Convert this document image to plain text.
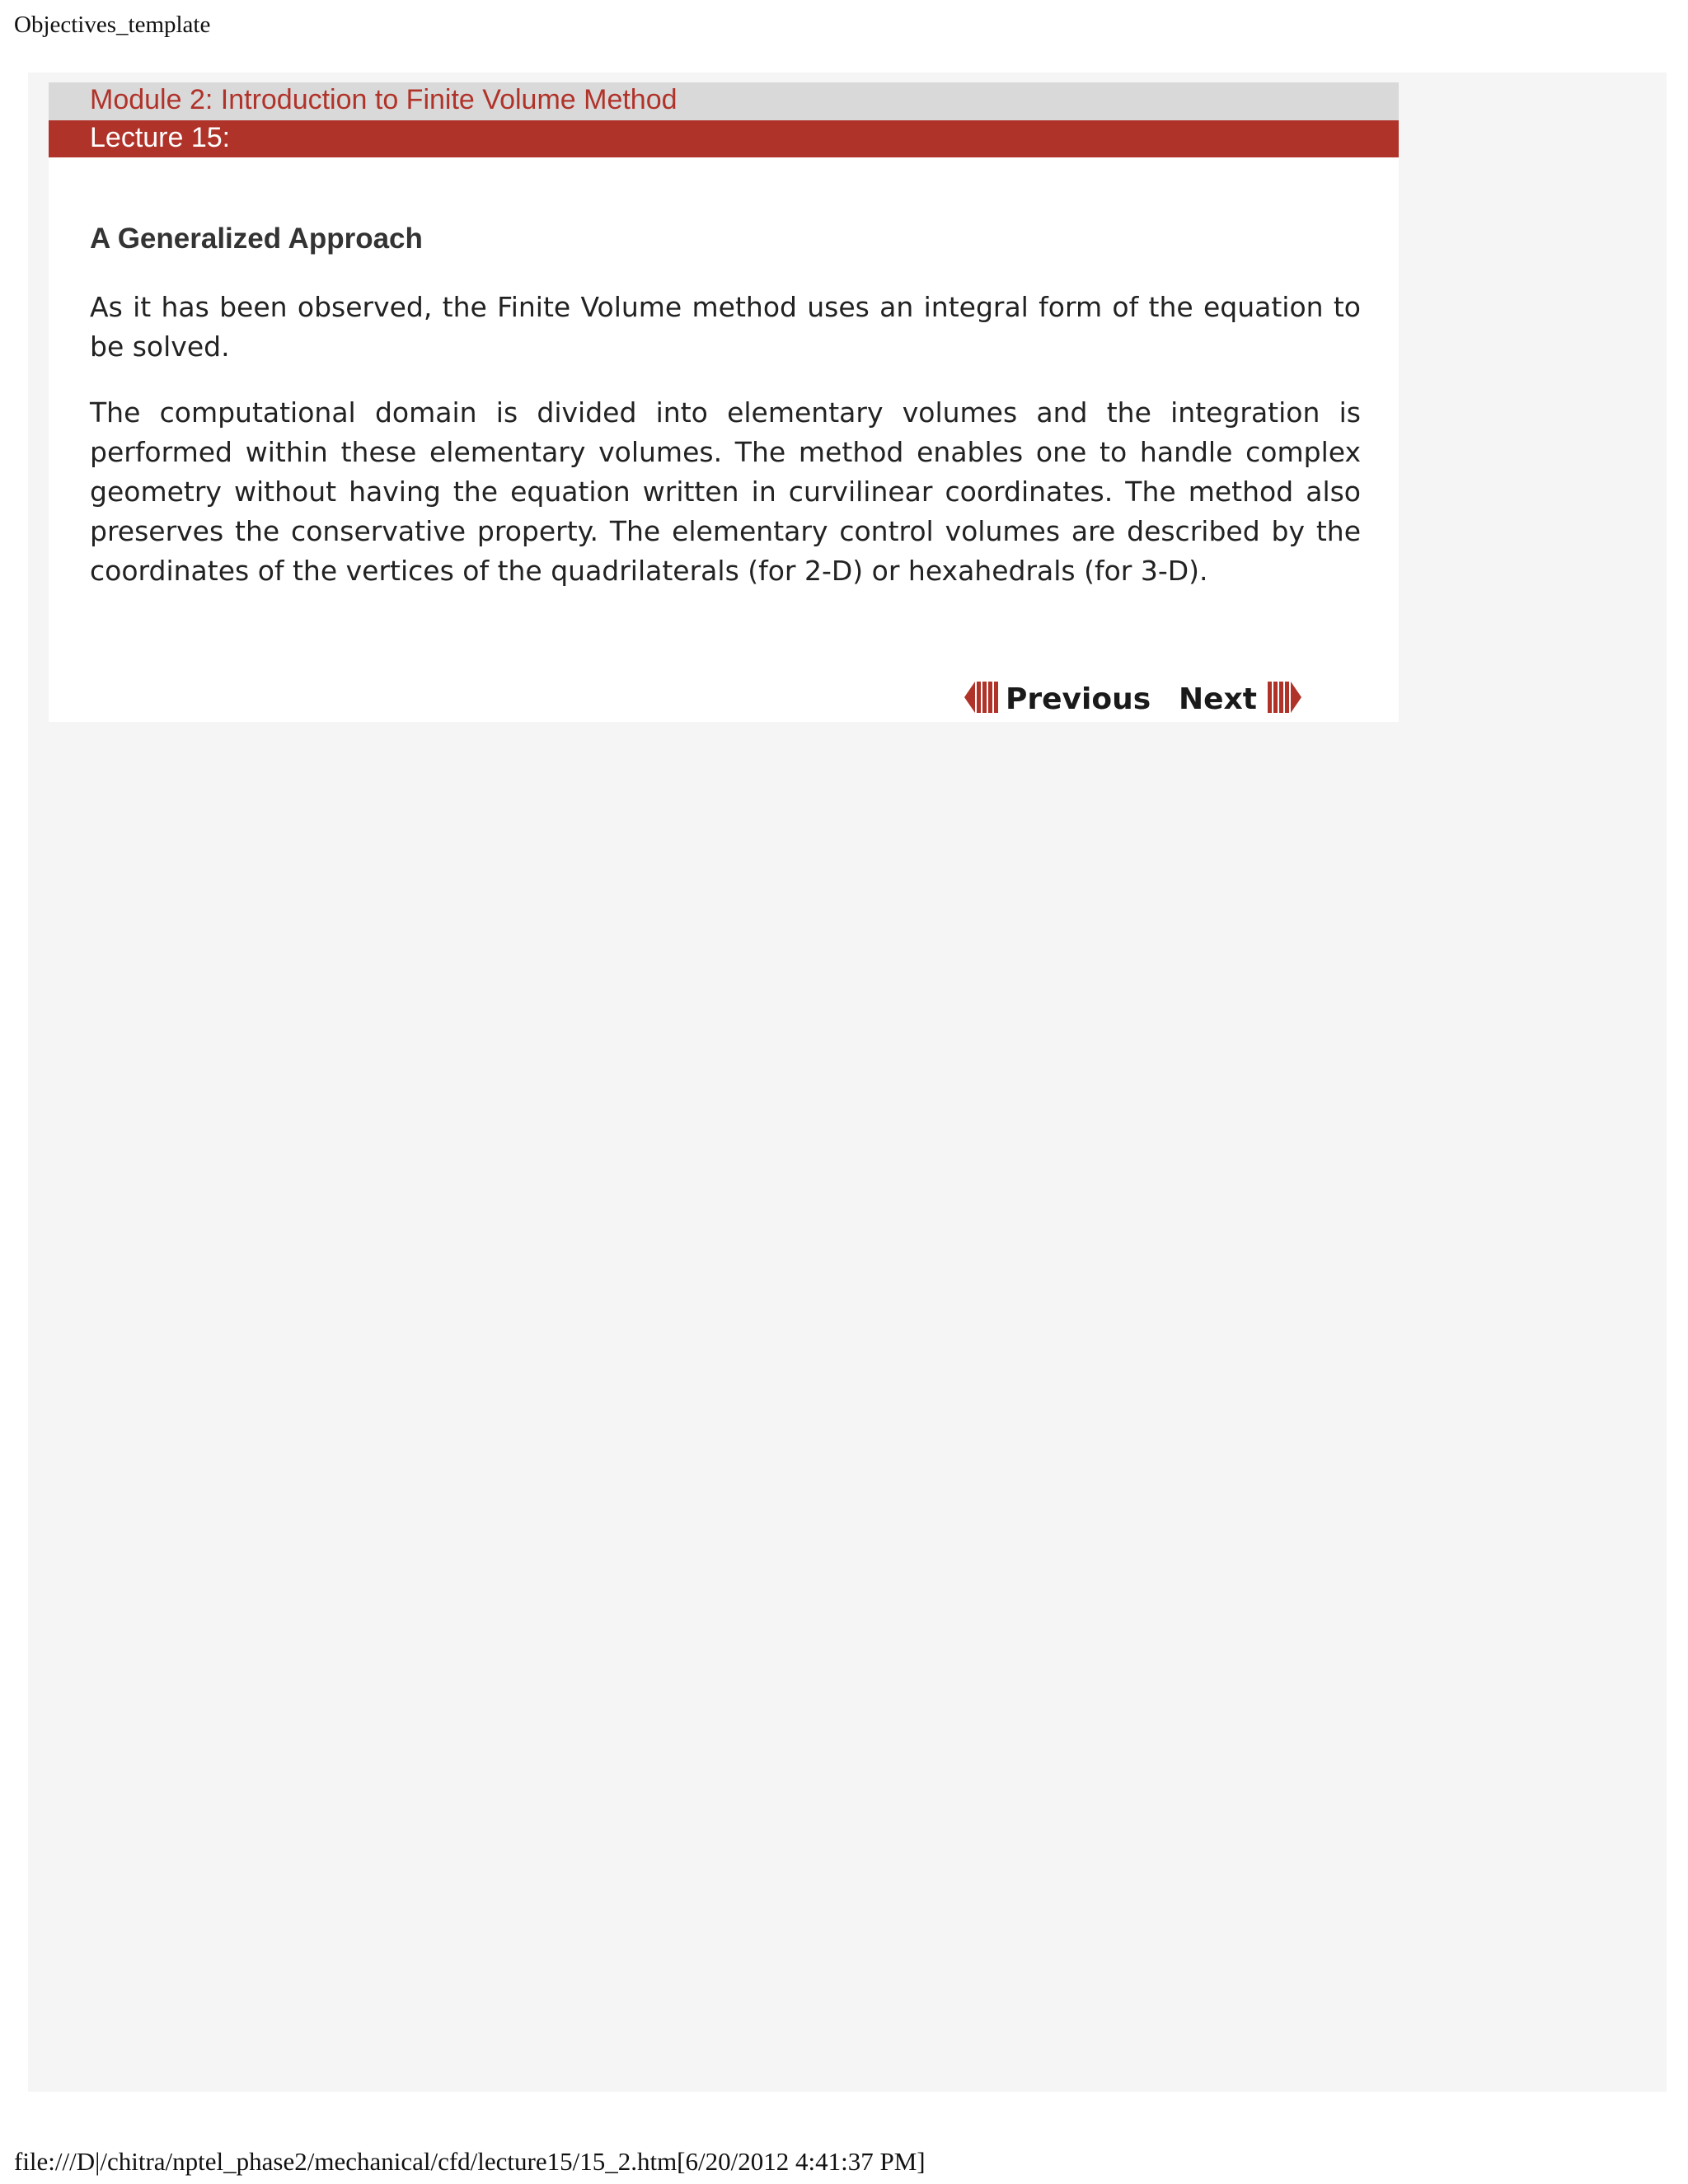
Objectives_template
Module 2: Introduction to Finite Volume Method
Lecture 15:
A Generalized Approach

As it has been observed, the Finite Volume method uses an integral form of the equation to be solved.

The computational domain is divided into elementary volumes and the integration is performed within these elementary volumes. The method enables one to handle complex geometry without having the equation written in curvilinear coordinates. The method also preserves the conservative property. The elementary control volumes are described by the coordinates of the vertices of the quadrilaterals (for 2-D) or hexahedrals (for 3-D).

Previous Next
file:///D|/chitra/nptel_phase2/mechanical/cfd/lecture15/15_2.htm[6/20/2012 4:41:37 PM]
